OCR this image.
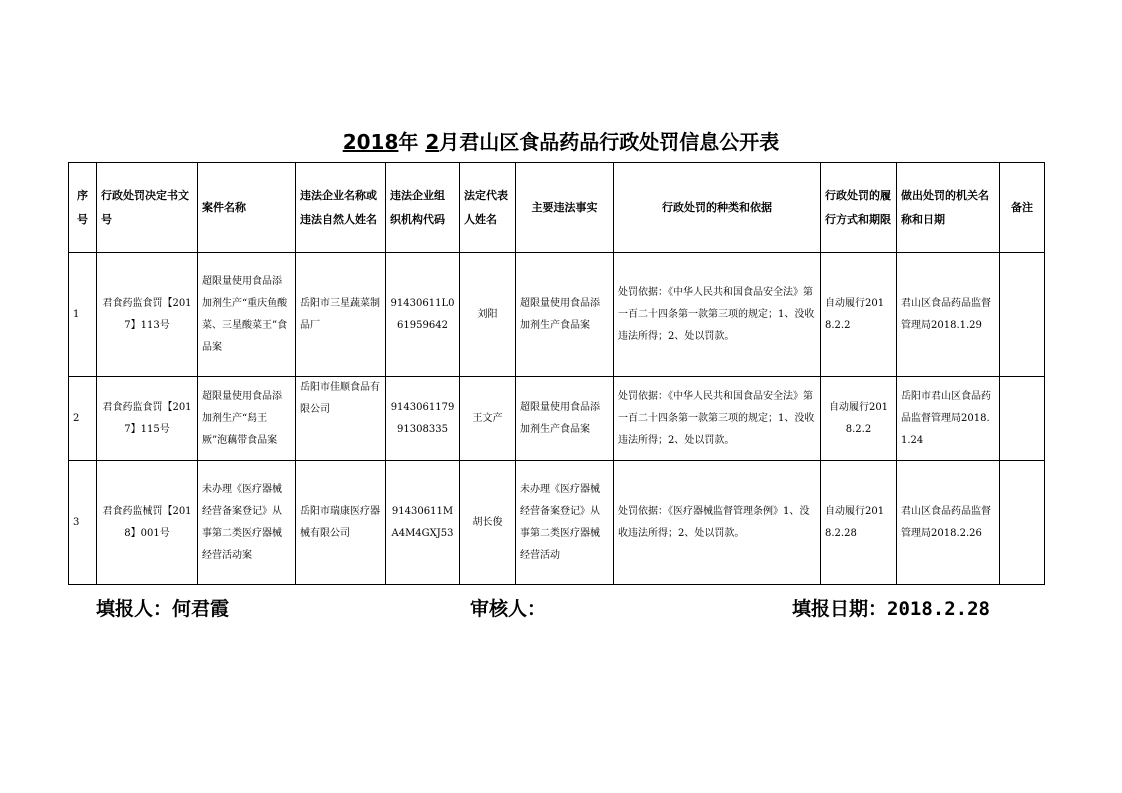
2018年 2月君山区食品药品行政处罚信息公开表
序号	行政处罚决定书文号	案件名称	违法企业名称或违法自然人姓名	违法企业组织机构代码	法定代表人姓名	主要违法事实	行政处罚的种类和依据	行政处罚的履行方式和期限	做出处罚的机关名称和日期	备注
1	君食药监食罚【2017】113号	超限量使用食品添加剂生产“重庆鱼酸菜、三星酸菜王”食品案	岳阳市三星蔬菜制品厂	91430611L061959642	刘阳	超限量使用食品添加剂生产食品案	处罚依据：《中华人民共和国食品安全法》第一百二十四条第一款第三项的规定；1、没收违法所得；2、处以罚款。	自动履行2018.2.2	君山区食品药品监督管理局2018.1.29	
2	君食药监食罚【2017】115号	超限量使用食品添加剂生产“舄王厥”泡藕带食品案	岳阳市佳顺食品有限公司	914306117991308335	王文产	超限量使用食品添加剂生产食品案	处罚依据：《中华人民共和国食品安全法》第一百二十四条第一款第三项的规定；1、没收违法所得；2、处以罚款。	自动履行2018.2.2	岳阳市君山区食品药品监督管理局2018.1.24	
3	君食药监械罚【2018】001号	未办理《医疗器械经营备案登记》从事第二类医疗器械经营活动案	岳阳市瑞康医疗器械有限公司	91430611MA4M4GXJ53	胡长俊	未办理《医疗器械经营备案登记》从事第二类医疗器械经营活动	处罚依据：《医疗器械监督管理条例》1、没收违法所得；2、处以罚款。	自动履行2018.2.28	君山区食品药品监督管理局2018.2.26	
填报人：何君霞	审核人：	填报日期：2018.2.28
